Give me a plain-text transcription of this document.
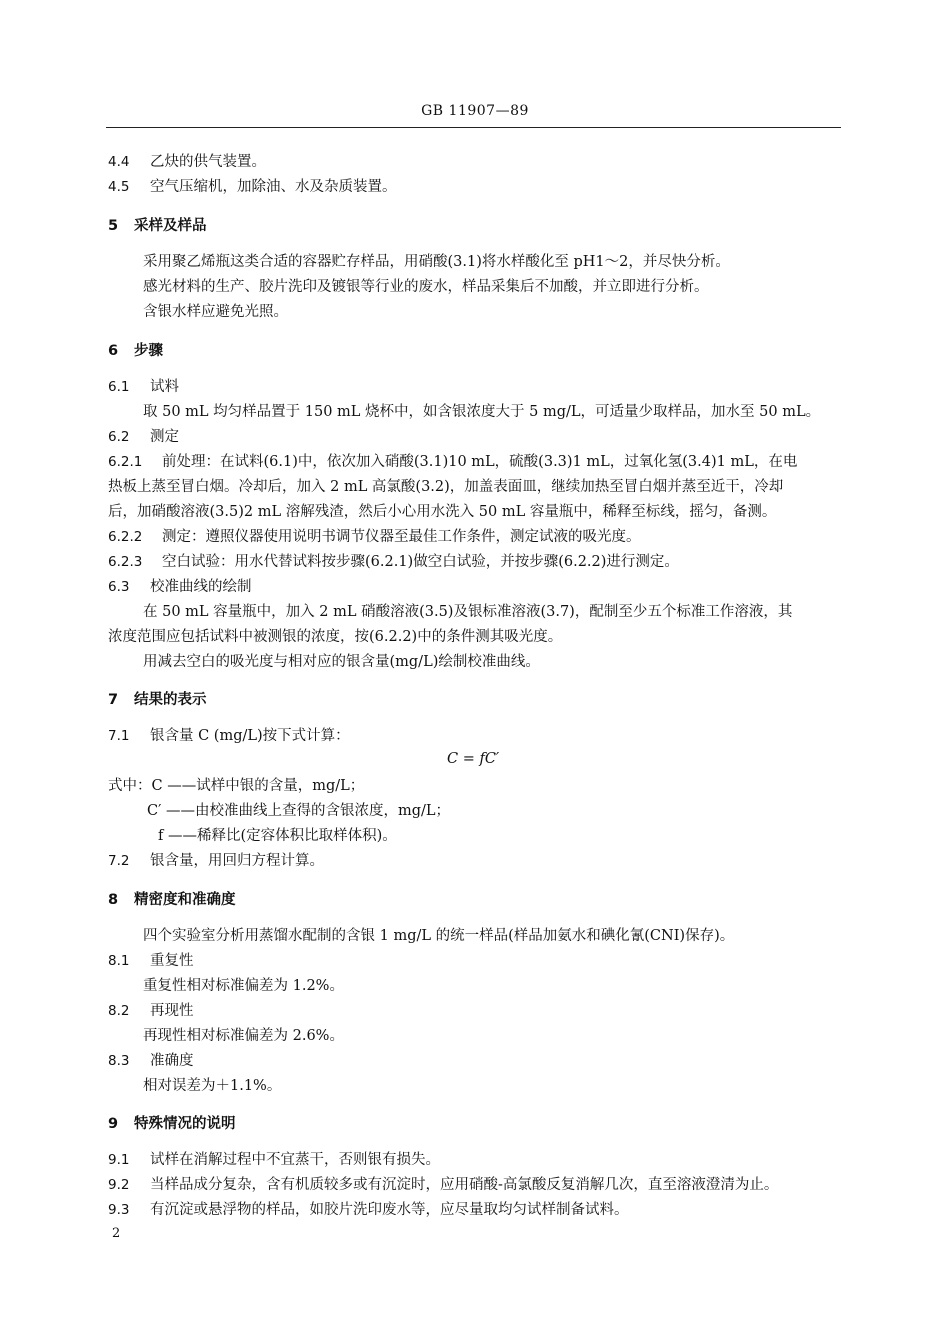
GB 11907—89
4.4 乙炔的供气装置。
4.5 空气压缩机，加除油、水及杂质装置。
5 采样及样品
采用聚乙烯瓶这类合适的容器贮存样品，用硝酸(3.1)将水样酸化至 pH1～2，并尽快分析。
感光材料的生产、胶片洗印及镀银等行业的废水，样品采集后不加酸，并立即进行分析。
含银水样应避免光照。
6 步骤
6.1 试料
取 50 mL 均匀样品置于 150 mL 烧杯中，如含银浓度大于 5 mg/L，可适量少取样品，加水至 50 mL。
6.2 测定
6.2.1 前处理：在试料(6.1)中，依次加入硝酸(3.1)10 mL，硫酸(3.3)1 mL，过氧化氢(3.4)1 mL，在电
热板上蒸至冒白烟。冷却后，加入 2 mL 高氯酸(3.2)，加盖表面皿，继续加热至冒白烟并蒸至近干，冷却
后，加硝酸溶液(3.5)2 mL 溶解残渣，然后小心用水洗入 50 mL 容量瓶中，稀释至标线，摇匀，备测。
6.2.2 测定：遵照仪器使用说明书调节仪器至最佳工作条件，测定试液的吸光度。
6.2.3 空白试验：用水代替试料按步骤(6.2.1)做空白试验，并按步骤(6.2.2)进行测定。
6.3 校准曲线的绘制
在 50 mL 容量瓶中，加入 2 mL 硝酸溶液(3.5)及银标准溶液(3.7)，配制至少五个标准工作溶液，其
浓度范围应包括试料中被测银的浓度，按(6.2.2)中的条件测其吸光度。
用减去空白的吸光度与相对应的银含量(mg/L)绘制校准曲线。
7 结果的表示
7.1 银含量 C (mg/L)按下式计算：
C = fC′
式中：C ——试样中银的含量，mg/L；
C′ ——由校准曲线上查得的含银浓度，mg/L；
f ——稀释比(定容体积比取样体积)。
7.2 银含量，用回归方程计算。
8 精密度和准确度
四个实验室分析用蒸馏水配制的含银 1 mg/L 的统一样品(样品加氨水和碘化氰(CNI)保存)。
8.1 重复性
重复性相对标准偏差为 1.2%。
8.2 再现性
再现性相对标准偏差为 2.6%。
8.3 准确度
相对误差为＋1.1%。
9 特殊情况的说明
9.1 试样在消解过程中不宜蒸干，否则银有损失。
9.2 当样品成分复杂，含有机质较多或有沉淀时，应用硝酸-高氯酸反复消解几次，直至溶液澄清为止。
9.3 有沉淀或悬浮物的样品，如胶片洗印废水等，应尽量取均匀试样制备试料。
2
